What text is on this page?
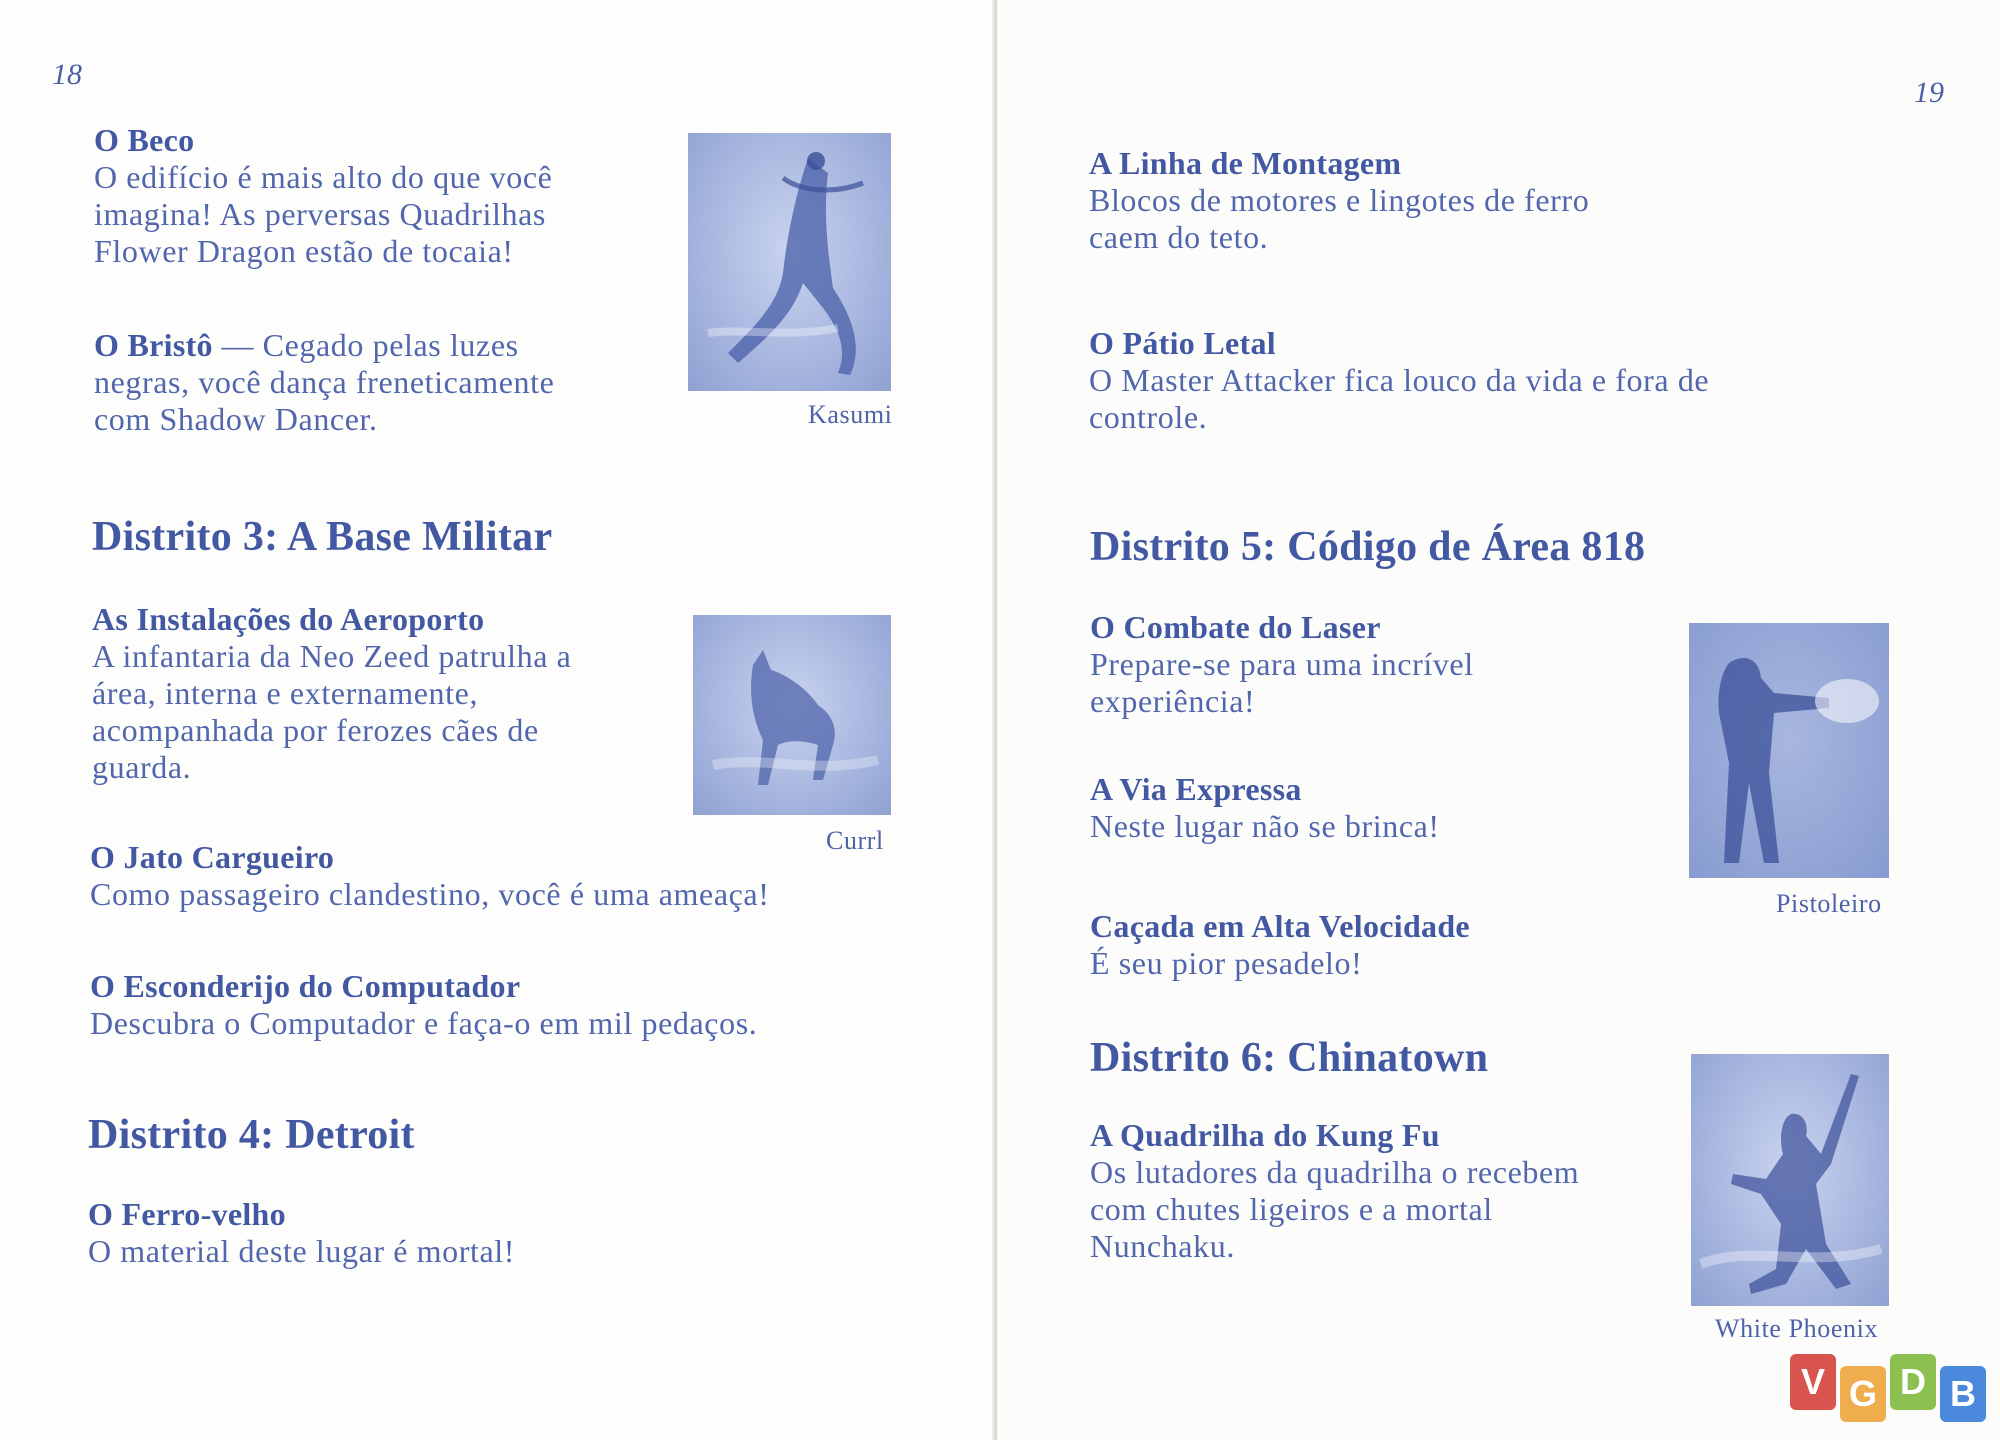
18

O Beco

O edifício é mais alto do que você

imagina! As perversas Quadrilhas

Flower Dragon estão de tocaia!

O Bristô — Cegado pelas luzes

negras, você dança freneticamente

com Shadow Dancer.	Kasumi

Distrito 3: A Base Militar

As Instalações do Aeroporto

A infantaria da Neo Zeed patrulha a

área, interna e externamente,

acompanhada por ferozes cães de

guarda.

Currl

O Jato Cargueiro

Como passageiro clandestino, você é uma ameaça!

O Esconderijo do Computador

Descubra o Computador e faça-o em mil pedaços.

Distrito 4: Detroit

O Ferro-velho

O material deste lugar é mortal!

19

A Linha de Montagem

Blocos de motores e lingotes de ferro

caem do teto.

O Pátio Letal

O Master Attacker fica louco da vida e fora de

controle.

Distrito 5: Código de Área 818

O Combate do Laser

Prepare-se para uma incrível

experiência!

A Via Expressa

Neste lugar não se brinca!

Pistoleiro

Caçada em Alta Velocidade

É seu pior pesadelo!

Distrito 6: Chinatown

A Quadrilha do Kung Fu

Os lutadores da quadrilha o recebem

com chutes ligeiros e a mortal

Nunchaku.

White Phoenix
V G D B
